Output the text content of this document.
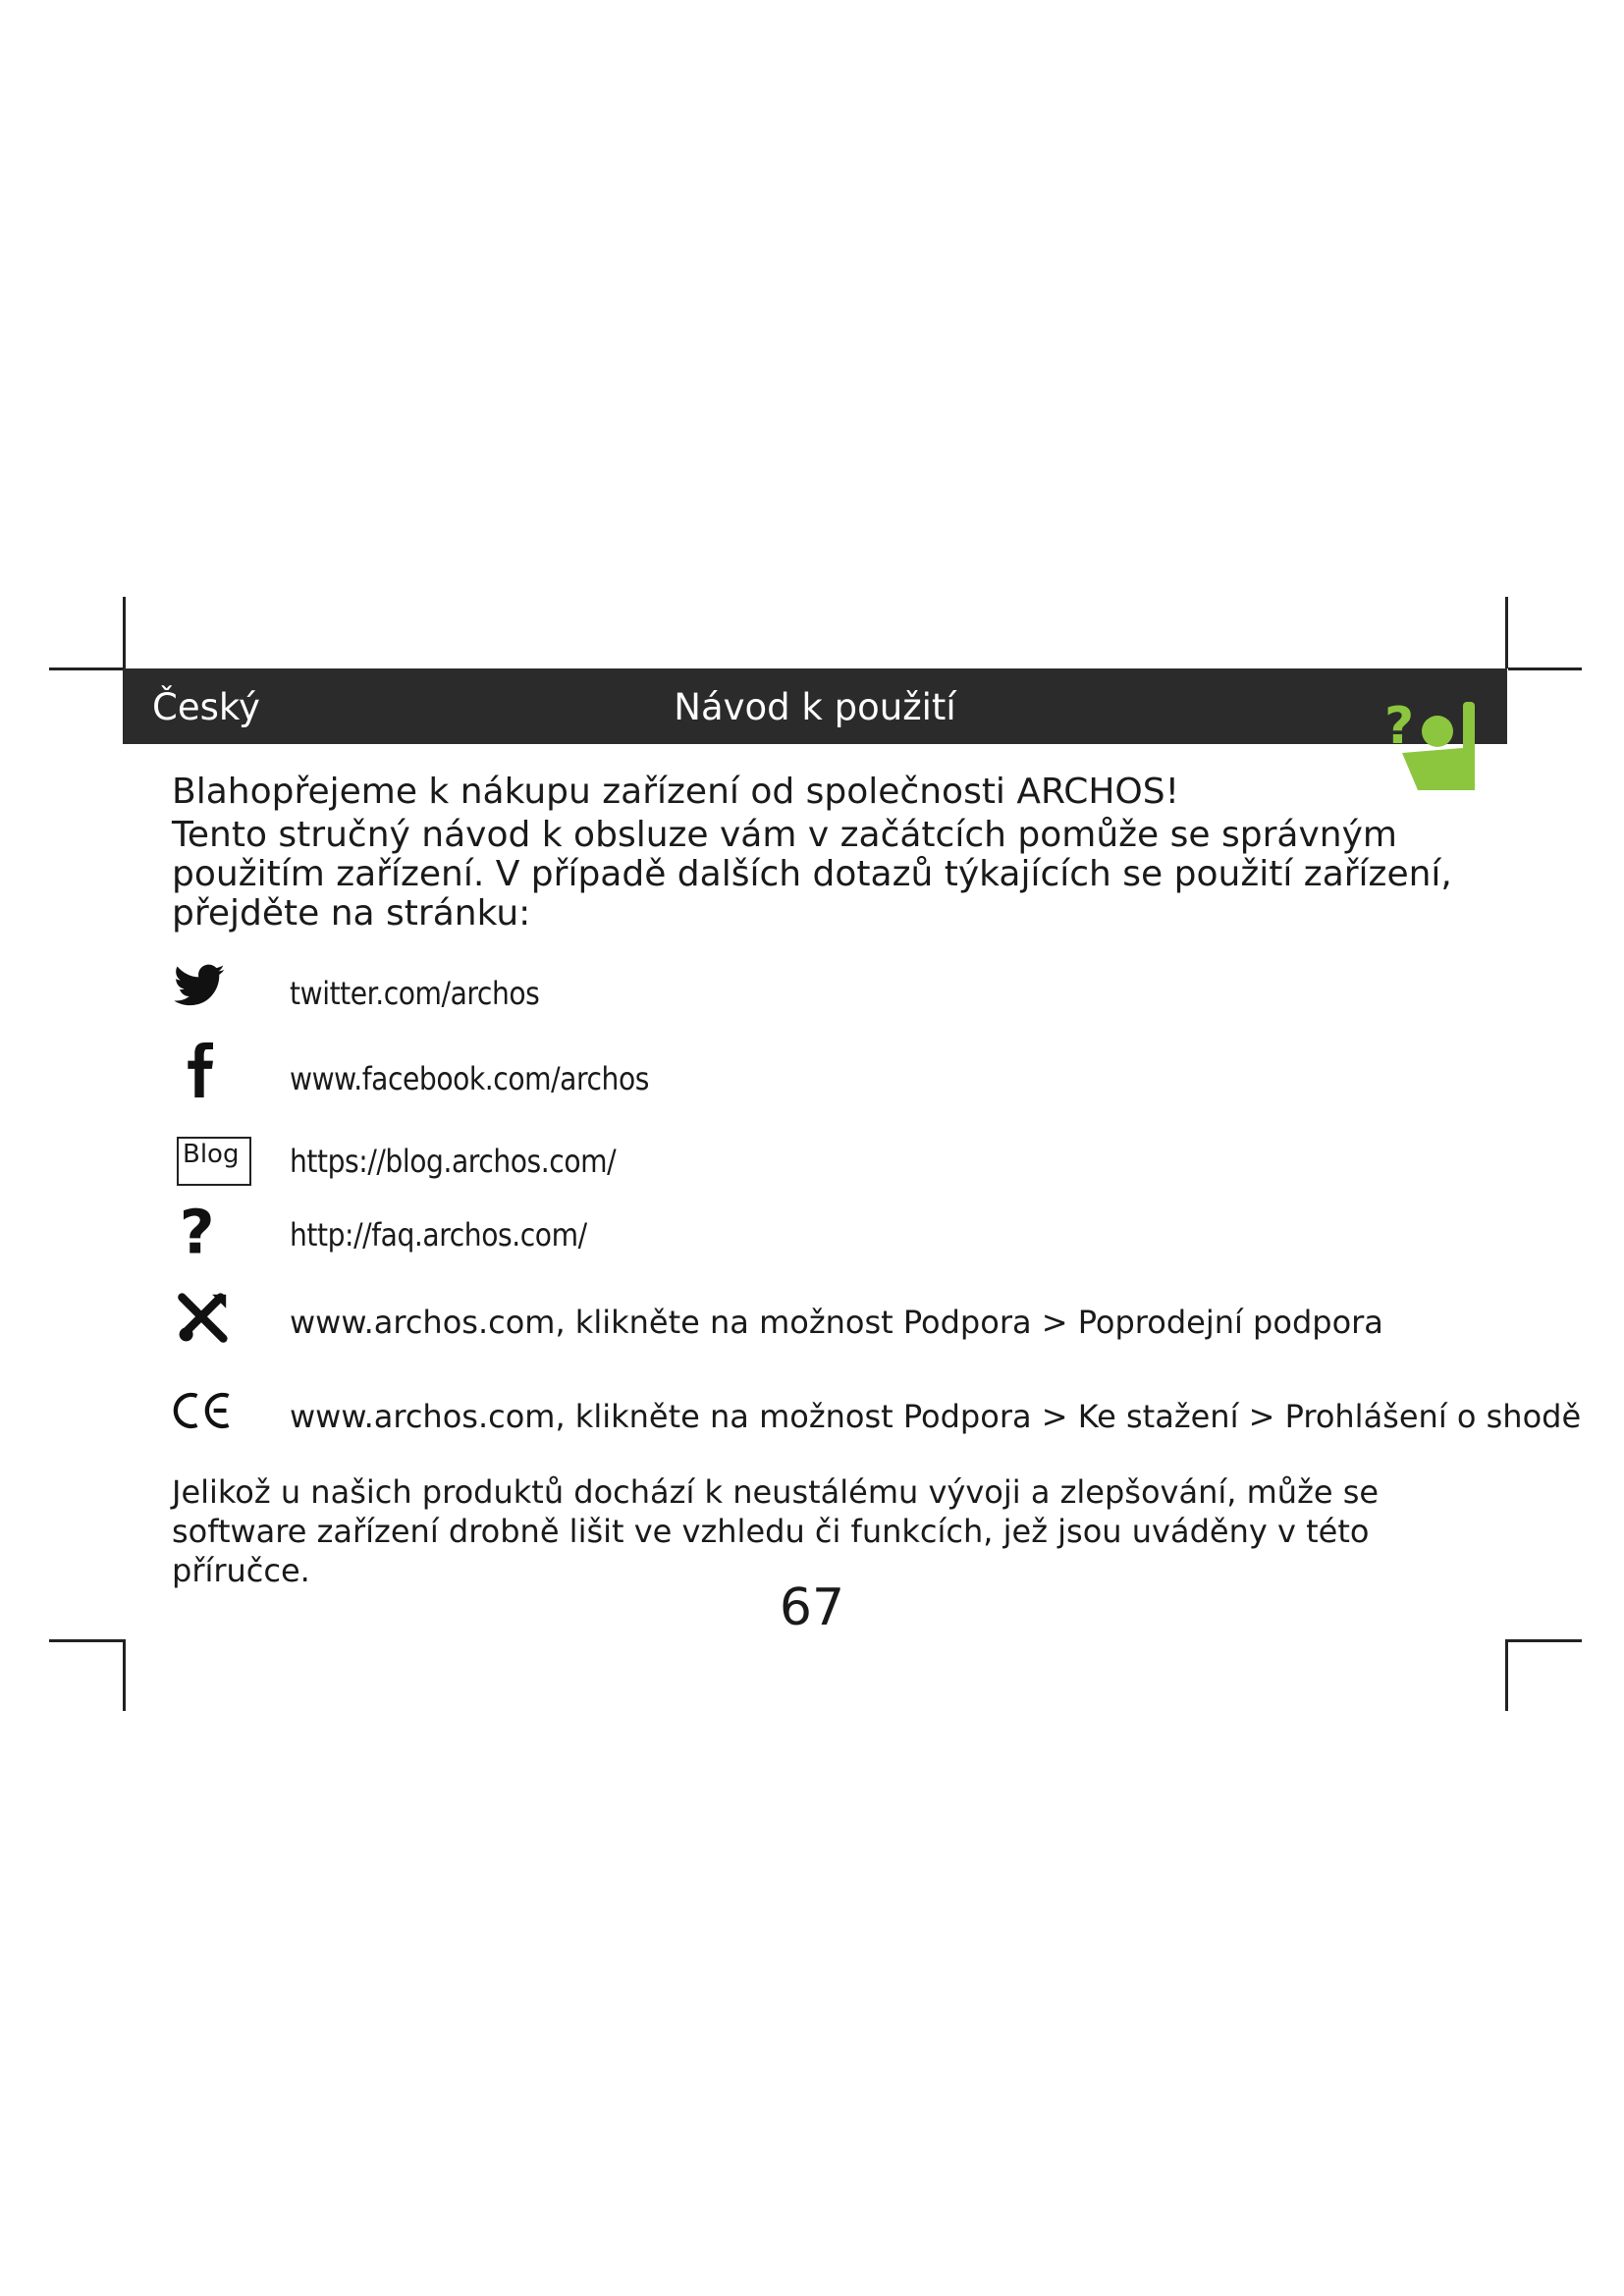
Český	Návod k použití	?

Blahopřejeme k nákupu zařízení od společnosti ARCHOS!

Tento stručný návod k obsluze vám v začátcích pomůže se správným použitím zařízení. V případě dalších dotazů týkajících se použití zařízení, přejděte na stránku:

twitter.com/archos
www.facebook.com/archos
Blog	https://blog.archos.com/
? http://faq.archos.com/
www.archos.com, klikněte na možnost Podpora > Poprodejní podpora
www.archos.com, klikněte na možnost Podpora > Ke stažení > Prohlášení o shodě

Jelikož u našich produktů dochází k neustálému vývoji a zlepšování, může se software zařízení drobně lišit ve vzhledu či funkcích, jež jsou uváděny v této příručce.

67
